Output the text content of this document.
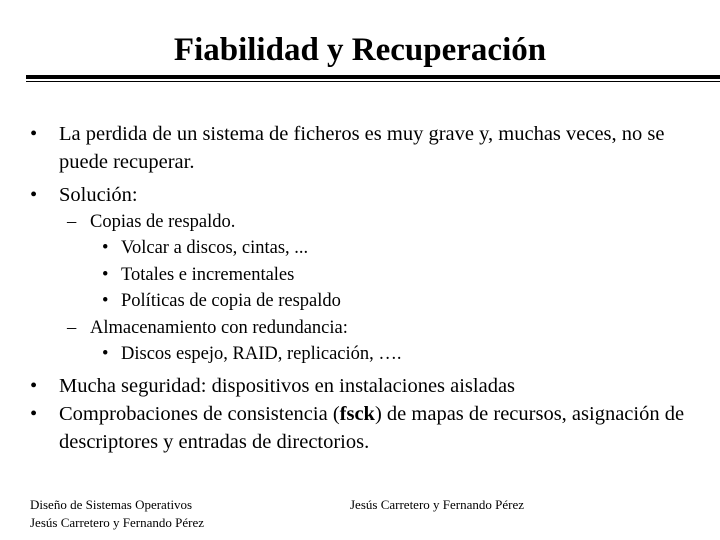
Fiabilidad y Recuperación
• La perdida de un sistema de ficheros es muy grave y, muchas veces, no se puede recuperar.
• Solución:
– Copias de respaldo.
• Volcar a discos, cintas, ...
• Totales e incrementales
• Políticas de copia de respaldo
– Almacenamiento con redundancia:
• Discos espejo, RAID, replicación, ….
• Mucha seguridad: dispositivos en instalaciones aisladas
• Comprobaciones de consistencia (fsck) de mapas de recursos, asignación de descriptores y entradas de directorios.
Diseño de Sistemas Operativos
Jesús Carretero y Fernando Pérez
Jesús Carretero y Fernando Pérez
